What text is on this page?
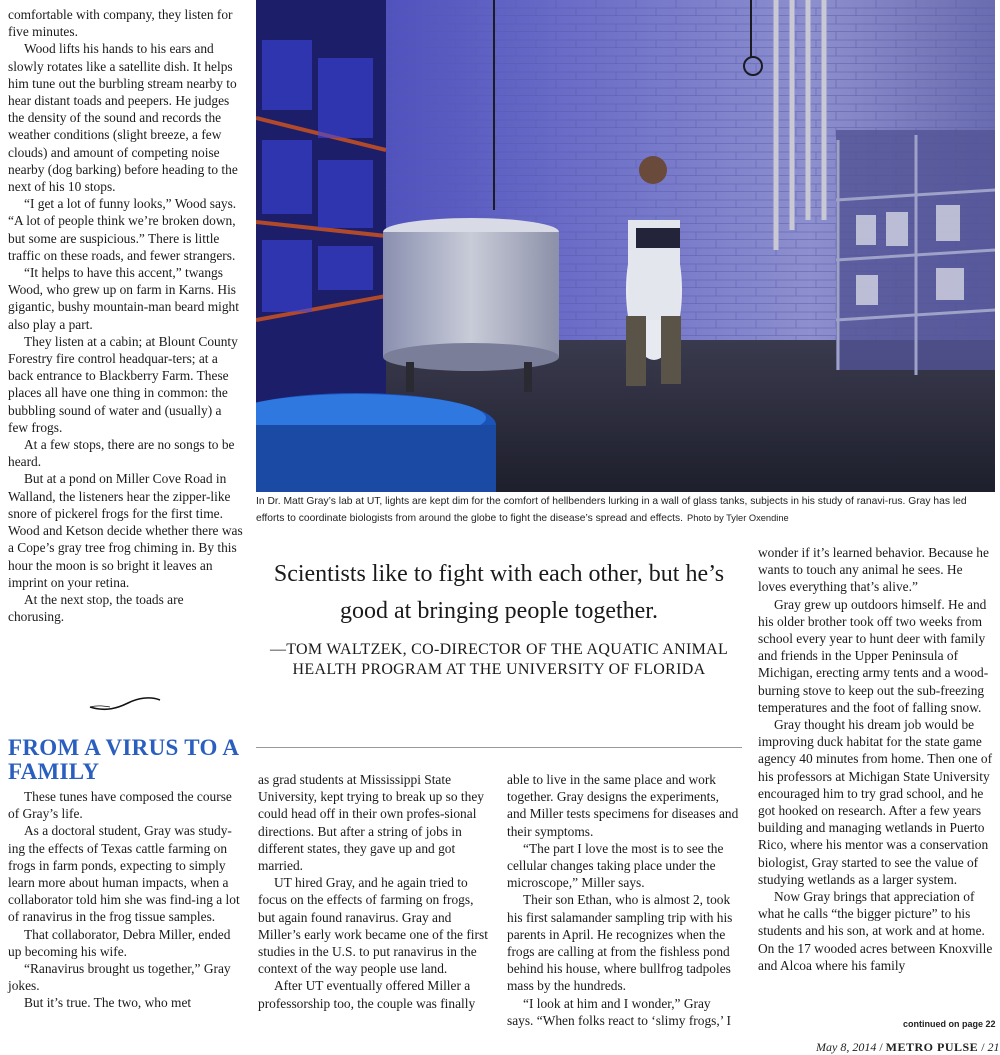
comfortable with company, they listen for five minutes.

Wood lifts his hands to his ears and slowly rotates like a satellite dish. It helps him tune out the burbling stream nearby to hear distant toads and peepers. He judges the density of the sound and records the weather conditions (slight breeze, a few clouds) and amount of competing noise nearby (dog barking) before heading to the next of his 10 stops.

“I get a lot of funny looks,” Wood says. “A lot of people think we’re broken down, but some are suspicious.” There is little traffic on these roads, and fewer strangers.

“It helps to have this accent,” twangs Wood, who grew up on farm in Karns. His gigantic, bushy mountain-man beard might also play a part.

They listen at a cabin; at Blount County Forestry fire control headquar-ters; at a back entrance to Blackberry Farm. These places all have one thing in common: the bubbling sound of water and (usually) a few frogs.

At a few stops, there are no songs to be heard.

But at a pond on Miller Cove Road in Walland, the listeners hear the zipper-like snore of pickerel frogs for the first time. Wood and Ketson decide whether there was a Cope’s gray tree frog chiming in. By this hour the moon is so bright it leaves an imprint on your retina.

At the next stop, the toads are chorusing.

FROM A VIRUS TO A FAMILY

These tunes have composed the course of Gray’s life.

As a doctoral student, Gray was study-ing the effects of Texas cattle farming on frogs in farm ponds, expecting to simply learn more about human impacts, when a collaborator told him she was find-ing a lot of ranavirus in the frog tissue samples.

That collaborator, Debra Miller, ended up becoming his wife.

“Ranavirus brought us together,” Gray jokes.

But it’s true. The two, who met

In Dr. Matt Gray’s lab at UT, lights are kept dim for the comfort of hellbenders lurking in a wall of glass tanks, subjects in his study of ranavi-rus. Gray has led efforts to coordinate biologists from around the globe to fight the disease’s spread and effects. Photo by Tyler Oxendine
Scientists like to fight with each other, but he’s good at bringing people together.
—TOM WALTZEK, CO-DIRECTOR OF THE AQUATIC ANIMAL HEALTH PROGRAM AT THE UNIVERSITY OF FLORIDA

as grad students at Mississippi State University, kept trying to break up so they could head off in their own profes-sional directions. But after a string of jobs in different states, they gave up and got married.

UT hired Gray, and he again tried to focus on the effects of farming on frogs, but again found ranavirus. Gray and Miller’s early work became one of the first studies in the U.S. to put ranavirus in the context of the way people use land.

After UT eventually offered Miller a professorship too, the couple was finally

able to live in the same place and work together. Gray designs the experiments, and Miller tests specimens for diseases and their symptoms.

“The part I love the most is to see the cellular changes taking place under the microscope,” Miller says.

Their son Ethan, who is almost 2, took his first salamander sampling trip with his parents in April. He recognizes when the frogs are calling at from the fishless pond behind his house, where bullfrog tadpoles mass by the hundreds.

“I look at him and I wonder,” Gray says. “When folks react to ‘slimy frogs,’ I

wonder if it’s learned behavior. Because he wants to touch any animal he sees. He loves everything that’s alive.”

Gray grew up outdoors himself. He and his older brother took off two weeks from school every year to hunt deer with family and friends in the Upper Peninsula of Michigan, erecting army tents and a wood-burning stove to keep out the sub-freezing temperatures and the foot of falling snow.

Gray thought his dream job would be improving duck habitat for the state game agency 40 minutes from home. Then one of his professors at Michigan State University encouraged him to try grad school, and he got hooked on research. After a few years building and managing wetlands in Puerto Rico, where his mentor was a conservation biologist, Gray started to see the value of studying wetlands as a larger system.

Now Gray brings that appreciation of what he calls “the bigger picture” to his students and his son, at work and at home. On the 17 wooded acres between Knoxville and Alcoa where his family

continued on page 22
May 8, 2014 / METRO PULSE / 21
